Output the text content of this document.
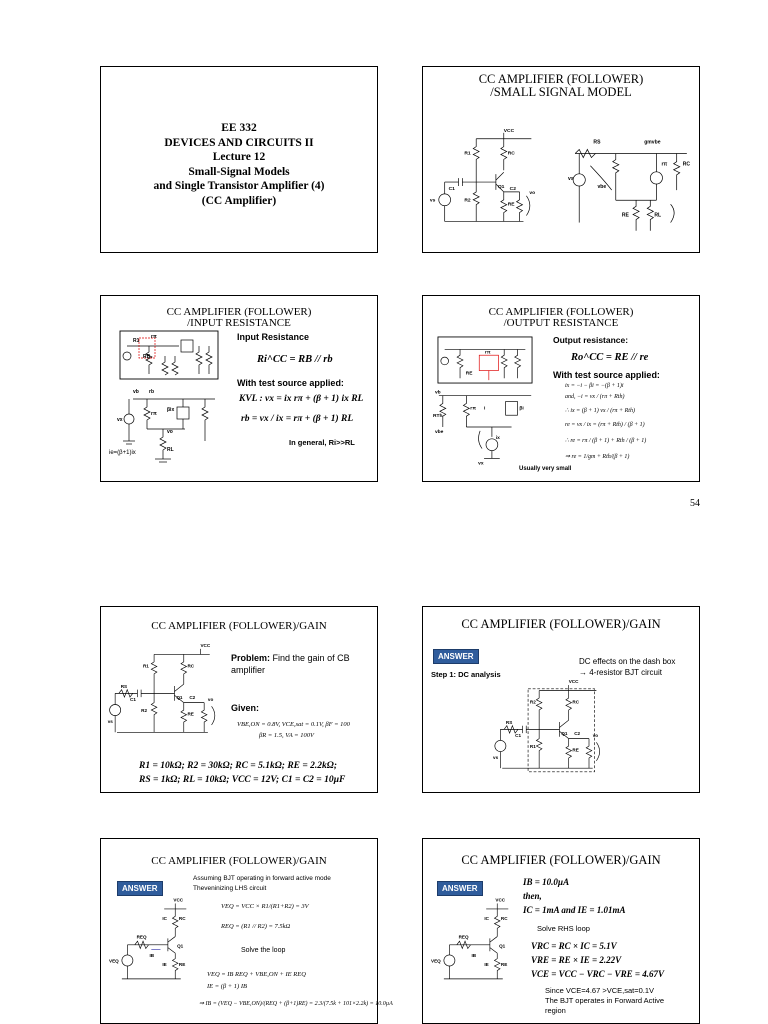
EE 332
DEVICES AND CIRCUITS II
Lecture 12
Small-Signal Models
and Single Transistor Amplifier (4)
(CC Amplifier)
CC AMPLIFIER (FOLLOWER)
/SMALL SIGNAL MODEL
VCC
R1	RC
Q1
R2
RE
C1	C2
vs
vo
RS	gmvbe
rπ	RC
vs
vbe
RE	RL
CC AMPLIFIER (FOLLOWER)
/INPUT RESISTANCE
R1
rπ
RB
vb rb
vx
rπ
βix
vo
RL
Input Resistance
Ri^CC = RB // rb
With test source applied:
KVL : vx = ix rπ + (β + 1) ix RL
rb = vx / ix = rπ + (β + 1) RL
ie=(β+1)ix
In general, Ri>>RL
CC AMPLIFIER (FOLLOWER)
/OUTPUT RESISTANCE
RE
rπ
vb
RTh
rπ i	βi
vbe
ix
vx
Output resistance:
Ro^CC = RE // re
With test source applied:
ix = −i − βi = −(β + 1)i
and, −i = vx / (rπ + Rth)
∴ ix = (β + 1) vx / (rπ + Rth)
re = vx / ix = (rπ + Rth) / (β + 1)
∴ re = rπ / (β + 1) + Rth / (β + 1)
⇒ re = 1/gm + Rth/(β + 1)
Usually very small
54
CC AMPLIFIER (FOLLOWER)/GAIN
VCC
R1	RC
Q1
R2
RE
C1	C2
RS
vs
vo
Problem: Find the gain of CB
amplifier
Given:
VBE,ON = 0.8V, VCE,sat = 0.1V, βF = 100
βR = 1.5, VA = 100V
R1 = 10kΩ; R2 = 30kΩ; RC = 5.1kΩ; RE = 2.2kΩ;
RS = 1kΩ; RL = 10kΩ; VCC = 12V; C1 = C2 = 10µF
CC AMPLIFIER (FOLLOWER)/GAIN
ANSWER
DC effects on the dash box
→ 4-resistor BJT circuit
Step 1: DC analysis
VCC
R2	RC
Q1
R1
RE
C1	C2
RS
vs
vo
CC AMPLIFIER (FOLLOWER)/GAIN
ANSWER
Assuming BJT operating in forward active mode
Theveninizing LHS circuit
VEQ = VCC × R1/(R1+R2) = 3V
REQ = (R1 // R2) = 7.5kΩ
Solve the loop
VEQ = IB REQ + VBE,ON + IE REQ
IE = (β + 1) IB
⇒ IB = (VEQ − VBE,ON)/(REQ + (β+1)RE) = 2.3/(7.5k + 101×2.2k) = 10.0µA
VCC
IC RC
Q1
REQ
IB
IE RE
VEQ
CC AMPLIFIER (FOLLOWER)/GAIN
ANSWER
IB = 10.0µA
then,
IC = 1mA and IE = 1.01mA
Solve RHS loop
VRC = RC × IC = 5.1V
VRE = RE × IE = 2.22V
VCE = VCC − VRC − VRE = 4.67V
Since VCE=4.67 >VCE,sat=0.1V
The BJT operates in Forward Active
region
VCC
IC RC
Q1
REQ
IB
IE RE
VEQ
